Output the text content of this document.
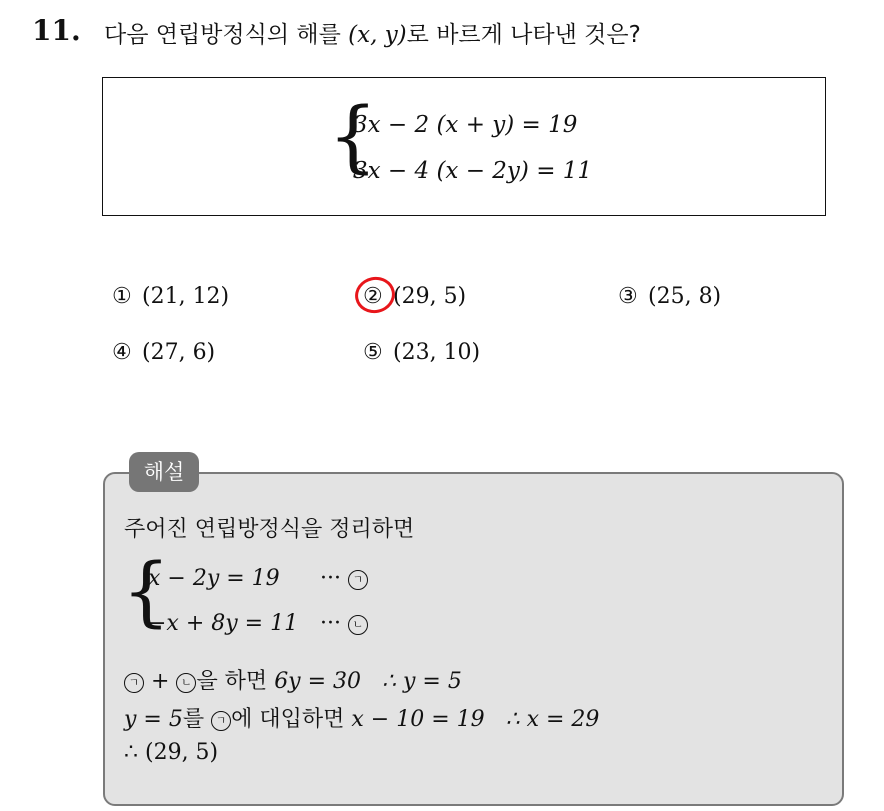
11. 다음 연립방정식의 해를 (x, y)로 바르게 나타낸 것은?
{
3x − 2 (x + y) = 19
3x − 4 (x − 2y) = 11
① (21, 12)	② (29, 5)	③ (25, 8)
④ (27, 6)	⑤ (23, 10)
해설
주어진 연립방정식을 정리하면
{
x − 2y = 19 ··· ㄱ
−x + 8y = 11 ··· ㄴ
ㄱ + ㄴ 을 하면 6y = 30   ∴ y = 5
y = 5를 ㄱ 에 대입하면 x − 10 = 19   ∴ x = 29
∴ (29, 5)
